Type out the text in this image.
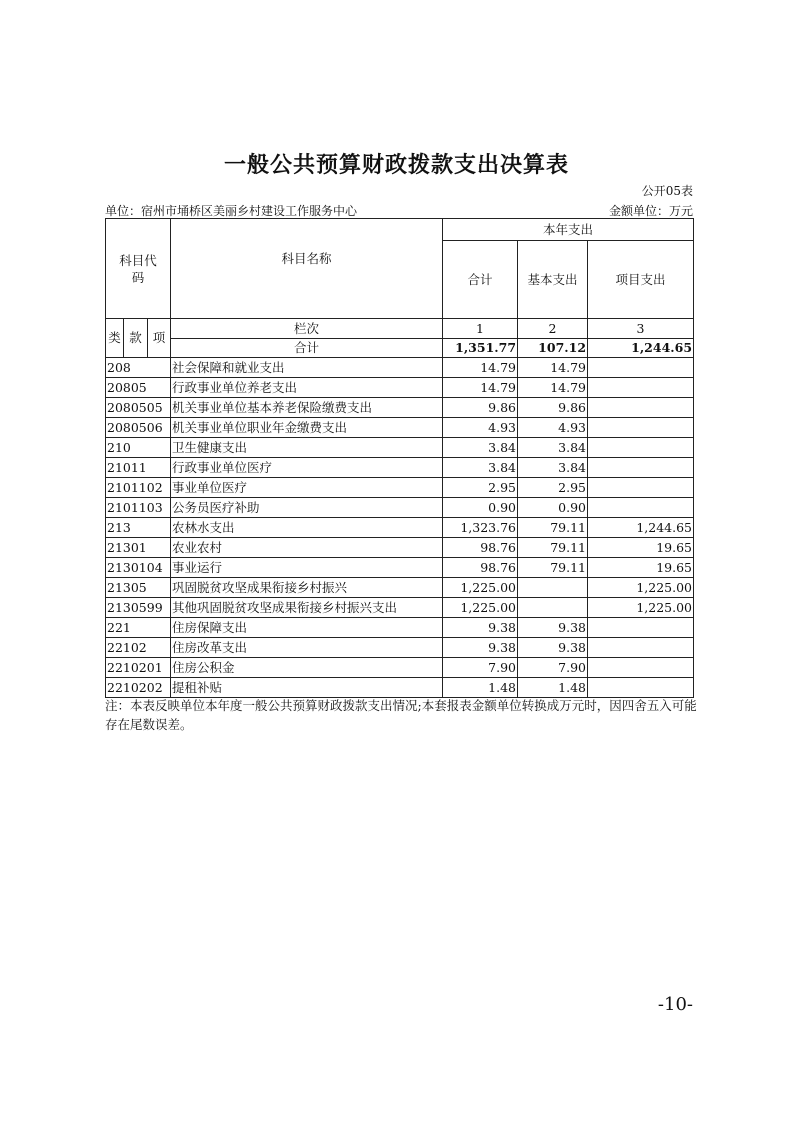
一般公共预算财政拨款支出决算表
公开05表
单位：宿州市埇桥区美丽乡村建设工作服务中心	金额单位：万元
科目代码			科目名称	本年支出		
				合计	基本支出	项目支出
类	款	项	栏次	1	2	3
			合计	1,351.77	107.12	1,244.65
208			社会保障和就业支出	14.79	14.79	
20805			行政事业单位养老支出	14.79	14.79	
2080505			机关事业单位基本养老保险缴费支出	9.86	9.86	
2080506			机关事业单位职业年金缴费支出	4.93	4.93	
210			卫生健康支出	3.84	3.84	
21011			行政事业单位医疗	3.84	3.84	
2101102			事业单位医疗	2.95	2.95	
2101103			公务员医疗补助	0.90	0.90	
213			农林水支出	1,323.76	79.11	1,244.65
21301			农业农村	98.76	79.11	19.65
2130104			事业运行	98.76	79.11	19.65
21305			巩固脱贫攻坚成果衔接乡村振兴	1,225.00		1,225.00
2130599			其他巩固脱贫攻坚成果衔接乡村振兴支出	1,225.00		1,225.00
221			住房保障支出	9.38	9.38	
22102			住房改革支出	9.38	9.38	
2210201			住房公积金	7.90	7.90	
2210202			提租补贴	1.48	1.48	
注：本表反映单位本年度一般公共预算财政拨款支出情况;本套报表金额单位转换成万元时，因四舍五入可能存在尾数误差。
-10-
